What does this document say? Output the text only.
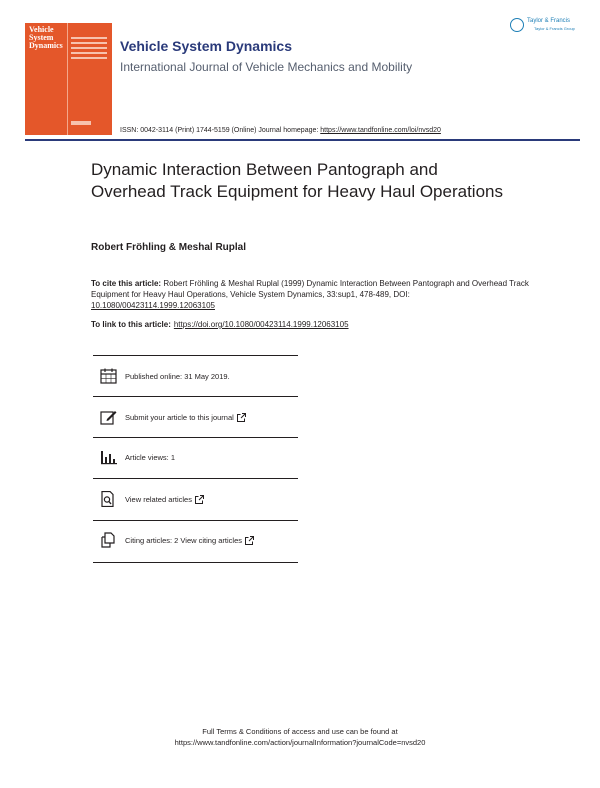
Vehicle
System
Dynamics	Vehicle System Dynamics
International Journal of Vehicle Mechanics and Mobility
Taylor & Francis
Taylor & Francis Group
ISSN: 0042-3114 (Print) 1744-5159 (Online) Journal homepage: https://www.tandfonline.com/loi/nvsd20
Dynamic Interaction Between Pantograph and Overhead Track Equipment for Heavy Haul Operations
Robert Fröhling & Meshal Ruplal
To cite this article: Robert Fröhling & Meshal Ruplal (1999) Dynamic Interaction Between Pantograph and Overhead Track Equipment for Heavy Haul Operations, Vehicle System Dynamics, 33:sup1, 478-489, DOI: 10.1080/00423114.1999.12063105
To link to this article: https://doi.org/10.1080/00423114.1999.12063105
Published online: 31 May 2019.
Submit your article to this journal
Article views: 1
View related articles
Citing articles: 2 View citing articles
Full Terms & Conditions of access and use can be found at
https://www.tandfonline.com/action/journalInformation?journalCode=nvsd20
